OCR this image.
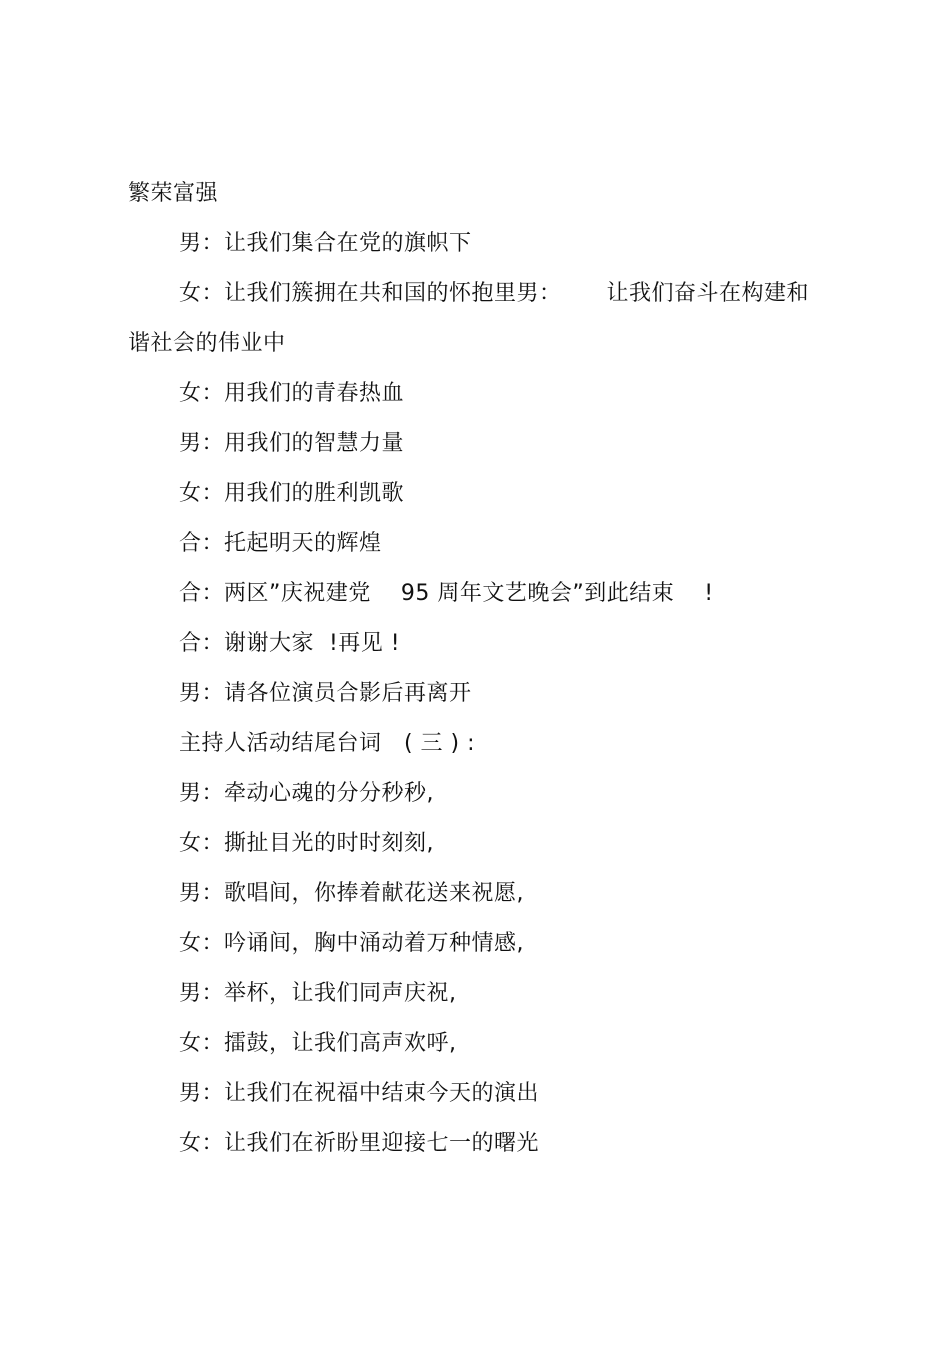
繁荣富强
男：让我们集合在党的旗帜下
女：让我们簇拥在共和国的怀抱里男：      让我们奋斗在构建和
谐社会的伟业中
女：用我们的青春热血
男：用我们的智慧力量
女：用我们的胜利凯歌
合：托起明天的辉煌
合：两区”庆祝建党    95 周年文艺晚会”到此结束    !
合：谢谢大家  !再见 !
男：请各位演员合影后再离开
主持人活动结尾台词   ( 三 ) :
男：牵动心魂的分分秒秒,
女：撕扯目光的时时刻刻,
男：歌唱间，你捧着献花送来祝愿,
女：吟诵间，胸中涌动着万种情感,
男：举杯，让我们同声庆祝,
女：擂鼓，让我们高声欢呼,
男：让我们在祝福中结束今天的演出
女：让我们在祈盼里迎接七一的曙光
